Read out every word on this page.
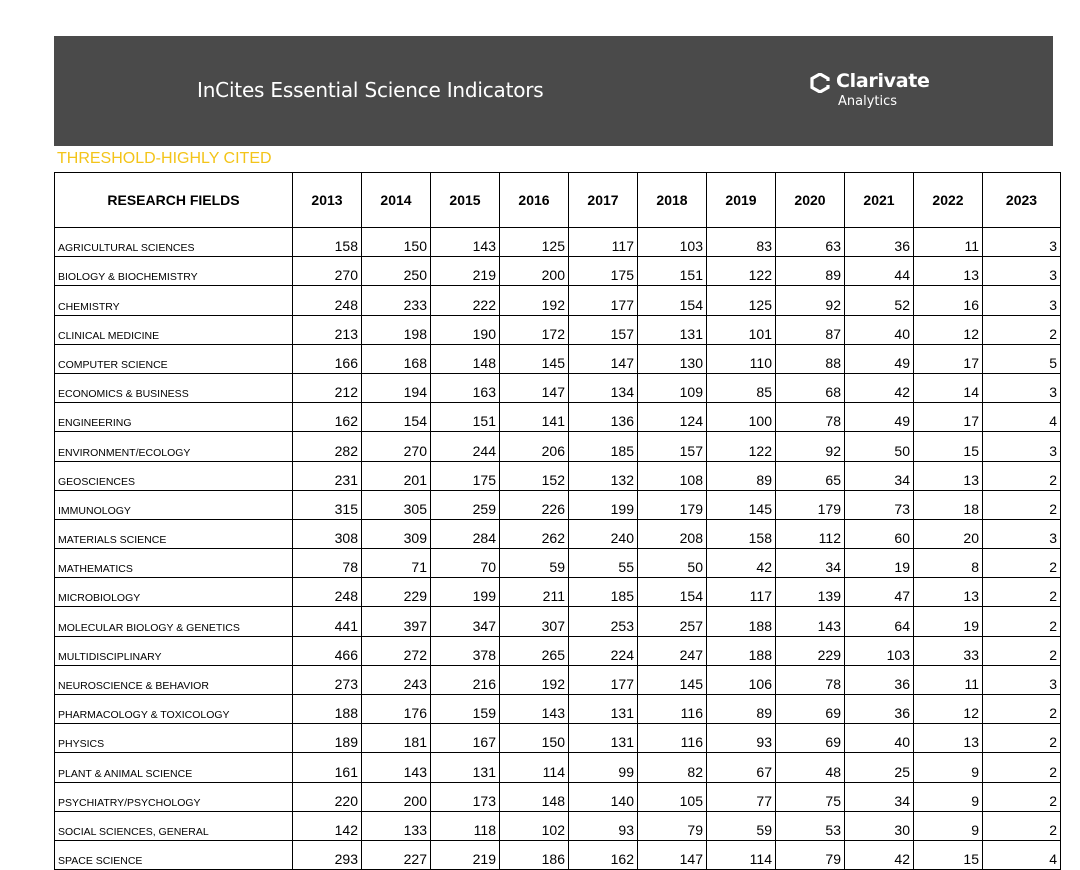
InCites Essential Science Indicators	Clarivate
Analytics
THRESHOLD-HIGHLY CITED
RESEARCH FIELDS	2013	2014	2015	2016	2017	2018	2019	2020	2021	2022	2023
AGRICULTURAL SCIENCES	158	150	143	125	117	103	83	63	36	11	3
BIOLOGY & BIOCHEMISTRY	270	250	219	200	175	151	122	89	44	13	3
CHEMISTRY	248	233	222	192	177	154	125	92	52	16	3
CLINICAL MEDICINE	213	198	190	172	157	131	101	87	40	12	2
COMPUTER SCIENCE	166	168	148	145	147	130	110	88	49	17	5
ECONOMICS & BUSINESS	212	194	163	147	134	109	85	68	42	14	3
ENGINEERING	162	154	151	141	136	124	100	78	49	17	4
ENVIRONMENT/ECOLOGY	282	270	244	206	185	157	122	92	50	15	3
GEOSCIENCES	231	201	175	152	132	108	89	65	34	13	2
IMMUNOLOGY	315	305	259	226	199	179	145	179	73	18	2
MATERIALS SCIENCE	308	309	284	262	240	208	158	112	60	20	3
MATHEMATICS	78	71	70	59	55	50	42	34	19	8	2
MICROBIOLOGY	248	229	199	211	185	154	117	139	47	13	2
MOLECULAR BIOLOGY & GENETICS	441	397	347	307	253	257	188	143	64	19	2
MULTIDISCIPLINARY	466	272	378	265	224	247	188	229	103	33	2
NEUROSCIENCE & BEHAVIOR	273	243	216	192	177	145	106	78	36	11	3
PHARMACOLOGY & TOXICOLOGY	188	176	159	143	131	116	89	69	36	12	2
PHYSICS	189	181	167	150	131	116	93	69	40	13	2
PLANT & ANIMAL SCIENCE	161	143	131	114	99	82	67	48	25	9	2
PSYCHIATRY/PSYCHOLOGY	220	200	173	148	140	105	77	75	34	9	2
SOCIAL SCIENCES, GENERAL	142	133	118	102	93	79	59	53	30	9	2
SPACE SCIENCE	293	227	219	186	162	147	114	79	42	15	4
